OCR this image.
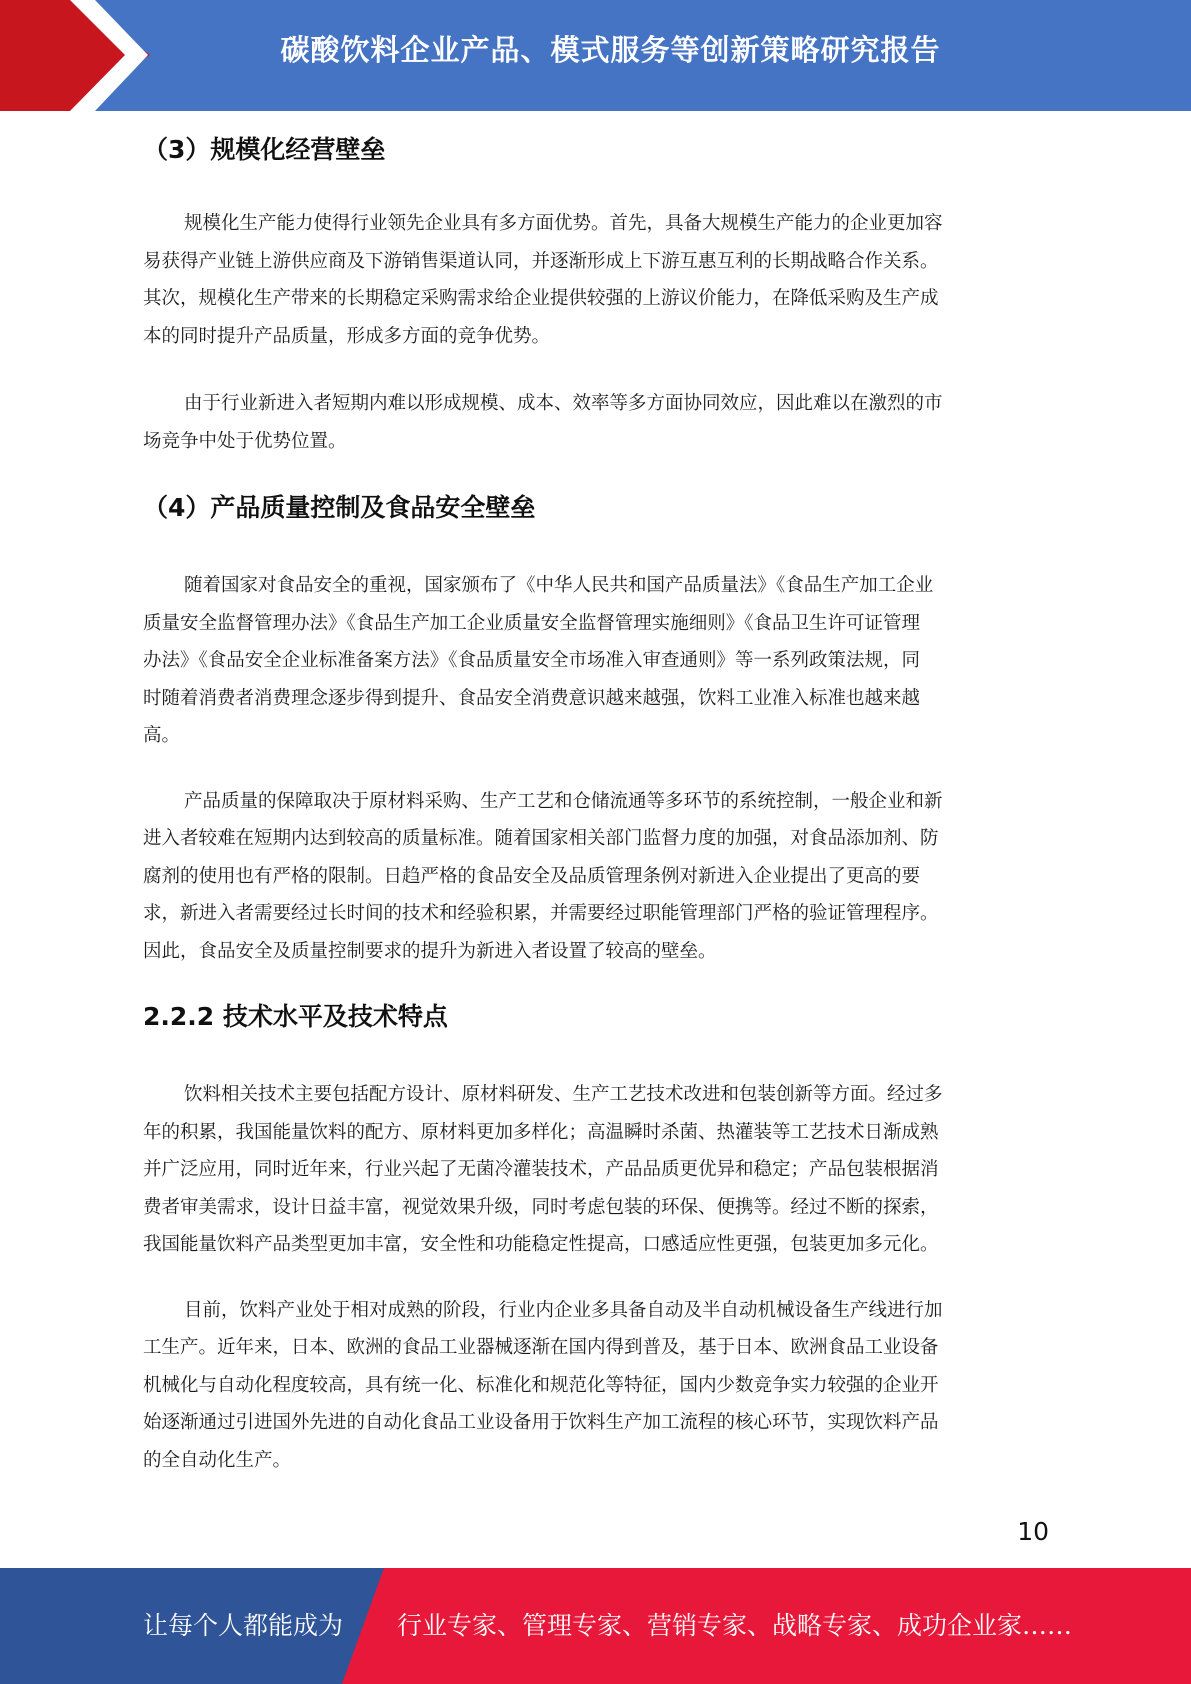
碳酸饮料企业产品、模式服务等创新策略研究报告
（3）规模化经营壁垒

规模化生产能力使得行业领先企业具有多方面优势。首先，具备大规模生产能力的企业更加容
易获得产业链上游供应商及下游销售渠道认同，并逐渐形成上下游互惠互利的长期战略合作关系。
其次，规模化生产带来的长期稳定采购需求给企业提供较强的上游议价能力，在降低采购及生产成
本的同时提升产品质量，形成多方面的竞争优势。

由于行业新进入者短期内难以形成规模、成本、效率等多方面协同效应，因此难以在激烈的市
场竞争中处于优势位置。

（4）产品质量控制及食品安全壁垒

随着国家对食品安全的重视，国家颁布了《中华人民共和国产品质量法》《食品生产加工企业
质量安全监督管理办法》《食品生产加工企业质量安全监督管理实施细则》《食品卫生许可证管理
办法》《食品安全企业标准备案方法》《食品质量安全市场准入审查通则》等一系列政策法规，同
时随着消费者消费理念逐步得到提升、食品安全消费意识越来越强，饮料工业准入标准也越来越
高。

产品质量的保障取决于原材料采购、生产工艺和仓储流通等多环节的系统控制，一般企业和新
进入者较难在短期内达到较高的质量标准。随着国家相关部门监督力度的加强，对食品添加剂、防
腐剂的使用也有严格的限制。日趋严格的食品安全及品质管理条例对新进入企业提出了更高的要
求，新进入者需要经过长时间的技术和经验积累，并需要经过职能管理部门严格的验证管理程序。
因此，食品安全及质量控制要求的提升为新进入者设置了较高的壁垒。

2.2.2 技术水平及技术特点

饮料相关技术主要包括配方设计、原材料研发、生产工艺技术改进和包装创新等方面。经过多
年的积累，我国能量饮料的配方、原材料更加多样化；高温瞬时杀菌、热灌装等工艺技术日渐成熟
并广泛应用，同时近年来，行业兴起了无菌冷灌装技术，产品品质更优异和稳定；产品包装根据消
费者审美需求，设计日益丰富，视觉效果升级，同时考虑包装的环保、便携等。经过不断的探索，
我国能量饮料产品类型更加丰富，安全性和功能稳定性提高，口感适应性更强，包装更加多元化。

目前，饮料产业处于相对成熟的阶段，行业内企业多具备自动及半自动机械设备生产线进行加
工生产。近年来，日本、欧洲的食品工业器械逐渐在国内得到普及，基于日本、欧洲食品工业设备
机械化与自动化程度较高，具有统一化、标准化和规范化等特征，国内少数竞争实力较强的企业开
始逐渐通过引进国外先进的自动化食品工业设备用于饮料生产加工流程的核心环节，实现饮料产品
的全自动化生产。

10
让每个人都能成为 行业专家、管理专家、营销专家、战略专家、成功企业家……
